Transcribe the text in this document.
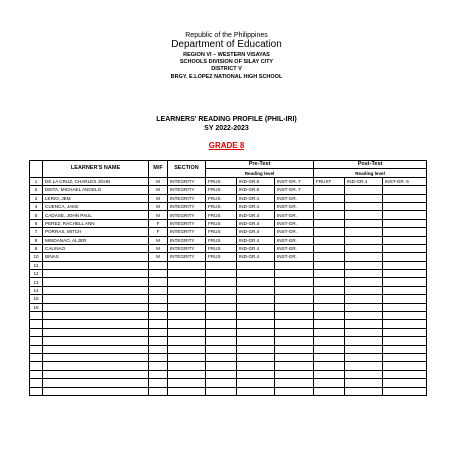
Republic of the Philippines
Department of Education
REGION VI – WESTERN VISAYAS
SCHOOLS DIVISION OF SILAY CITY
DISTRICT V
BRGY. E.LOPEZ NATIONAL HIGH SCHOOL
LEARNERS' READING PROFILE (PHIL-IRI)
SY 2022-2023
GRADE 8
	LEARNER'S NAME	M/F	SECTION	Pre-Test			Post-Test		
				Reading level			Reading level		
1	DE LA CRUZ, CHARLES JOHN	M	INTEGRITY	FRUS	IND-GR.5	INST-GR. 7	FRUST	IND-GR.4	INST-GR. 6
2	DEITA, MICHAEL ANGELO	M	INTEGRITY	FRUS	IND-GR.5	INST-GR. 7			
3	LERIO, JEM	M	INTEGRITY	FRUS	IND-GR.4	INST-GR.			
4	CUENCA, JAKE	M	INTEGRITY	FRUS	IND-GR.4	INST-GR.			
5	CADASE, JOHN PAUL	M	INTEGRITY	FRUS	IND-GR.4	INST-GR.			
6	PEREZ, RACHELL ANN	F	INTEGRITY	FRUS	IND-GR.4	INST-GR.			
7	PORRAS, MITCH	F	INTEGRITY	FRUS	IND-GR.4	INST-GR.			
8	MINDANAO, ALJER	M	INTEGRITY	FRUS	IND-GR.4	INST-GR.			
9	CALINAO	M	INTEGRITY	FRUS	IND-GR.4	INST-GR.			
10	BINAS	M	INTEGRITY	FRUS	IND-GR.4	INST-GR.			
11									
12									
13									
14									
15									
16									
